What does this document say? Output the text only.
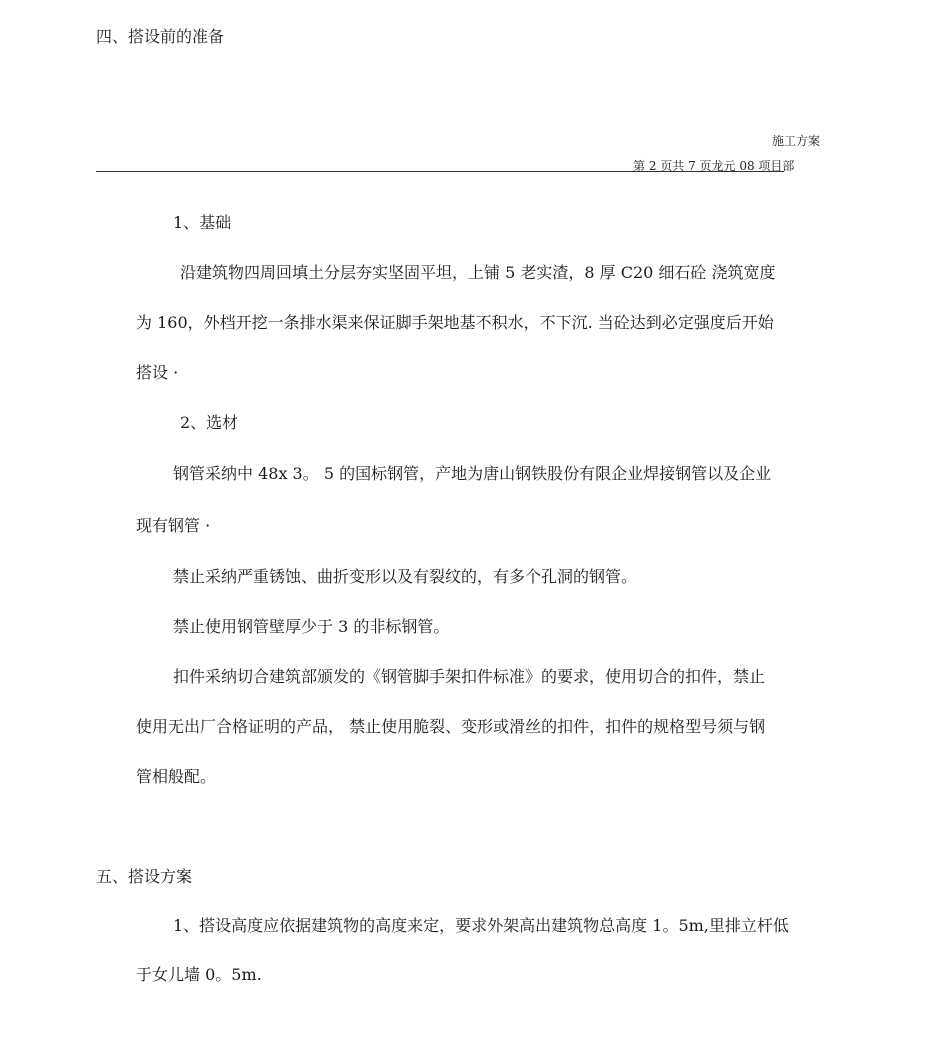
四、搭设前的准备
施工方案
第 2 页共 7 页龙元 08 项目部
1、基础
沿建筑物四周回填土分层夯实坚固平坦，上铺 5 老实渣，8 厚 C20 细石砼 浇筑宽度
为 160，外档开挖一条排水渠来保证脚手架地基不积水，不下沉. 当砼达到必定强度后开始
搭设 ·
2、选材
钢管采纳中 48x 3。 5 的国标钢管，产地为唐山钢铁股份有限企业焊接钢管以及企业
现有钢管 ·
禁止采纳严重锈蚀、曲折变形以及有裂纹的，有多个孔洞的钢管。
禁止使用钢管壁厚少于 3 的非标钢管。
扣件采纳切合建筑部颁发的《钢管脚手架扣件标准》的要求，使用切合的扣件，禁止
使用无出厂合格证明的产品， 禁止使用脆裂、变形或滑丝的扣件，扣件的规格型号须与钢
管相般配。
五、搭设方案
1、搭设高度应依据建筑物的高度来定，要求外架高出建筑物总高度 1。5m,里排立杆低
于女儿墙 0。5m.
